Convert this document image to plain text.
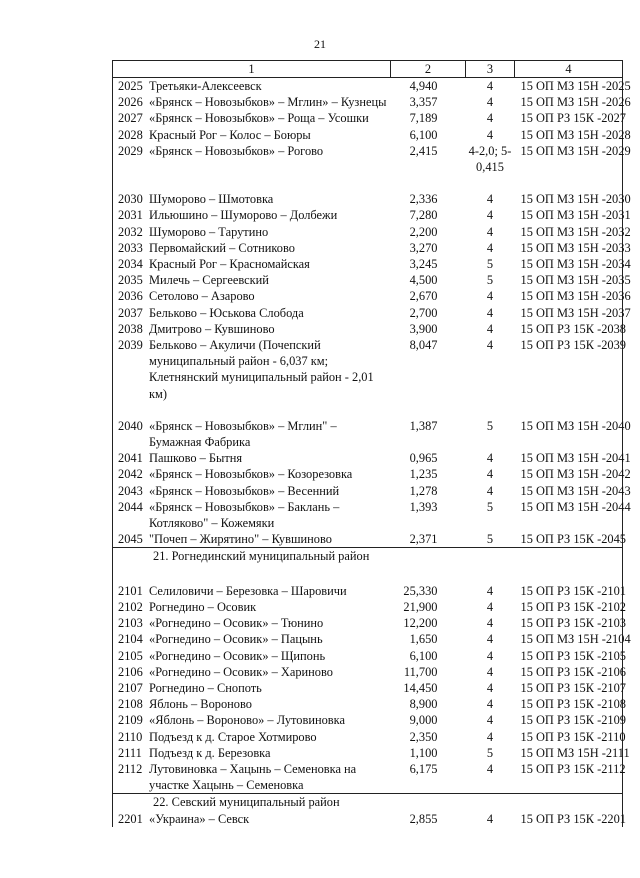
21
1	2	3	4

2025 Третьяки-Алексеевск	4,940	4	15 ОП МЗ 15Н -2025

2026 «Брянск – Новозыбков» – Мглин» – Кузнецы	3,357	4	15 ОП МЗ 15Н -2026

2027 «Брянск – Новозыбков» – Роща – Усошки	7,189	4	15 ОП РЗ 15К -2027

2028 Красный Рог – Колос – Боюры	6,100	4	15 ОП МЗ 15Н -2028

2029 «Брянск – Новозыбков» – Рогово	2,415	4-2,0; 5-0,415	15 ОП МЗ 15Н -2029

2030 Шуморово – Шмотовка	2,336	4	15 ОП МЗ 15Н -2030

2031 Ильюшино – Шуморово – Долбежи	7,280	4	15 ОП МЗ 15Н -2031

2032 Шуморово – Тарутино	2,200	4	15 ОП МЗ 15Н -2032

2033 Первомайский – Сотниково	3,270	4	15 ОП МЗ 15Н -2033

2034 Красный Рог – Красномайская	3,245	5	15 ОП МЗ 15Н -2034

2035 Милечь – Сергеевский	4,500	5	15 ОП МЗ 15Н -2035

2036 Сетолово – Азарово	2,670	4	15 ОП МЗ 15Н -2036

2037 Бельково – Юськова Слобода	2,700	4	15 ОП МЗ 15Н -2037

2038 Дмитрово – Кувшиново	3,900	4	15 ОП РЗ 15К -2038

2039 Бельково – Акуличи (Почепский муниципальный район - 6,037 км; Клетнянский муниципальный район - 2,01 км)	8,047	4	15 ОП РЗ 15К -2039

2040 «Брянск – Новозыбков» – Мглин" – Бумажная Фабрика	1,387	5	15 ОП МЗ 15Н -2040

2041 Пашково – Бытня	0,965	4	15 ОП МЗ 15Н -2041

2042 «Брянск – Новозыбков» – Козорезовка	1,235	4	15 ОП МЗ 15Н -2042

2043 «Брянск – Новозыбков» – Весенний	1,278	4	15 ОП МЗ 15Н -2043

2044 «Брянск – Новозыбков» – Баклань – Котляково" – Кожемяки	1,393	5	15 ОП МЗ 15Н -2044

2045 "Почеп – Жирятино" – Кувшиново	2,371	5	15 ОП РЗ 15К -2045
21. Рогнединский муниципальный район			

2101 Селиловичи – Березовка – Шаровичи	25,330	4	15 ОП РЗ 15К -2101

2102 Рогнедино – Осовик	21,900	4	15 ОП РЗ 15К -2102

2103 «Рогнедино – Осовик» – Тюнино	12,200	4	15 ОП РЗ 15К -2103

2104 «Рогнедино – Осовик» – Пацынь	1,650	4	15 ОП МЗ 15Н -2104

2105 «Рогнедино – Осовик» – Щипонь	6,100	4	15 ОП РЗ 15К -2105

2106 «Рогнедино – Осовик» – Хариново	11,700	4	15 ОП РЗ 15К -2106

2107 Рогнедино – Снопоть	14,450	4	15 ОП РЗ 15К -2107

2108 Яблонь – Вороново	8,900	4	15 ОП РЗ 15К -2108

2109 «Яблонь – Вороново» – Лутовиновка	9,000	4	15 ОП РЗ 15К -2109

2110 Подъезд к д. Старое Хотмирово	2,350	4	15 ОП РЗ 15К -2110

2111 Подъезд к д. Березовка	1,100	5	15 ОП МЗ 15Н -2111

2112 Лутовиновка – Хацынь – Семеновка на участке Хацынь – Семеновка	6,175	4	15 ОП РЗ 15К -2112
22. Севский муниципальный район			

2201 «Украина» – Севск	2,855	4	15 ОП РЗ 15К -2201
